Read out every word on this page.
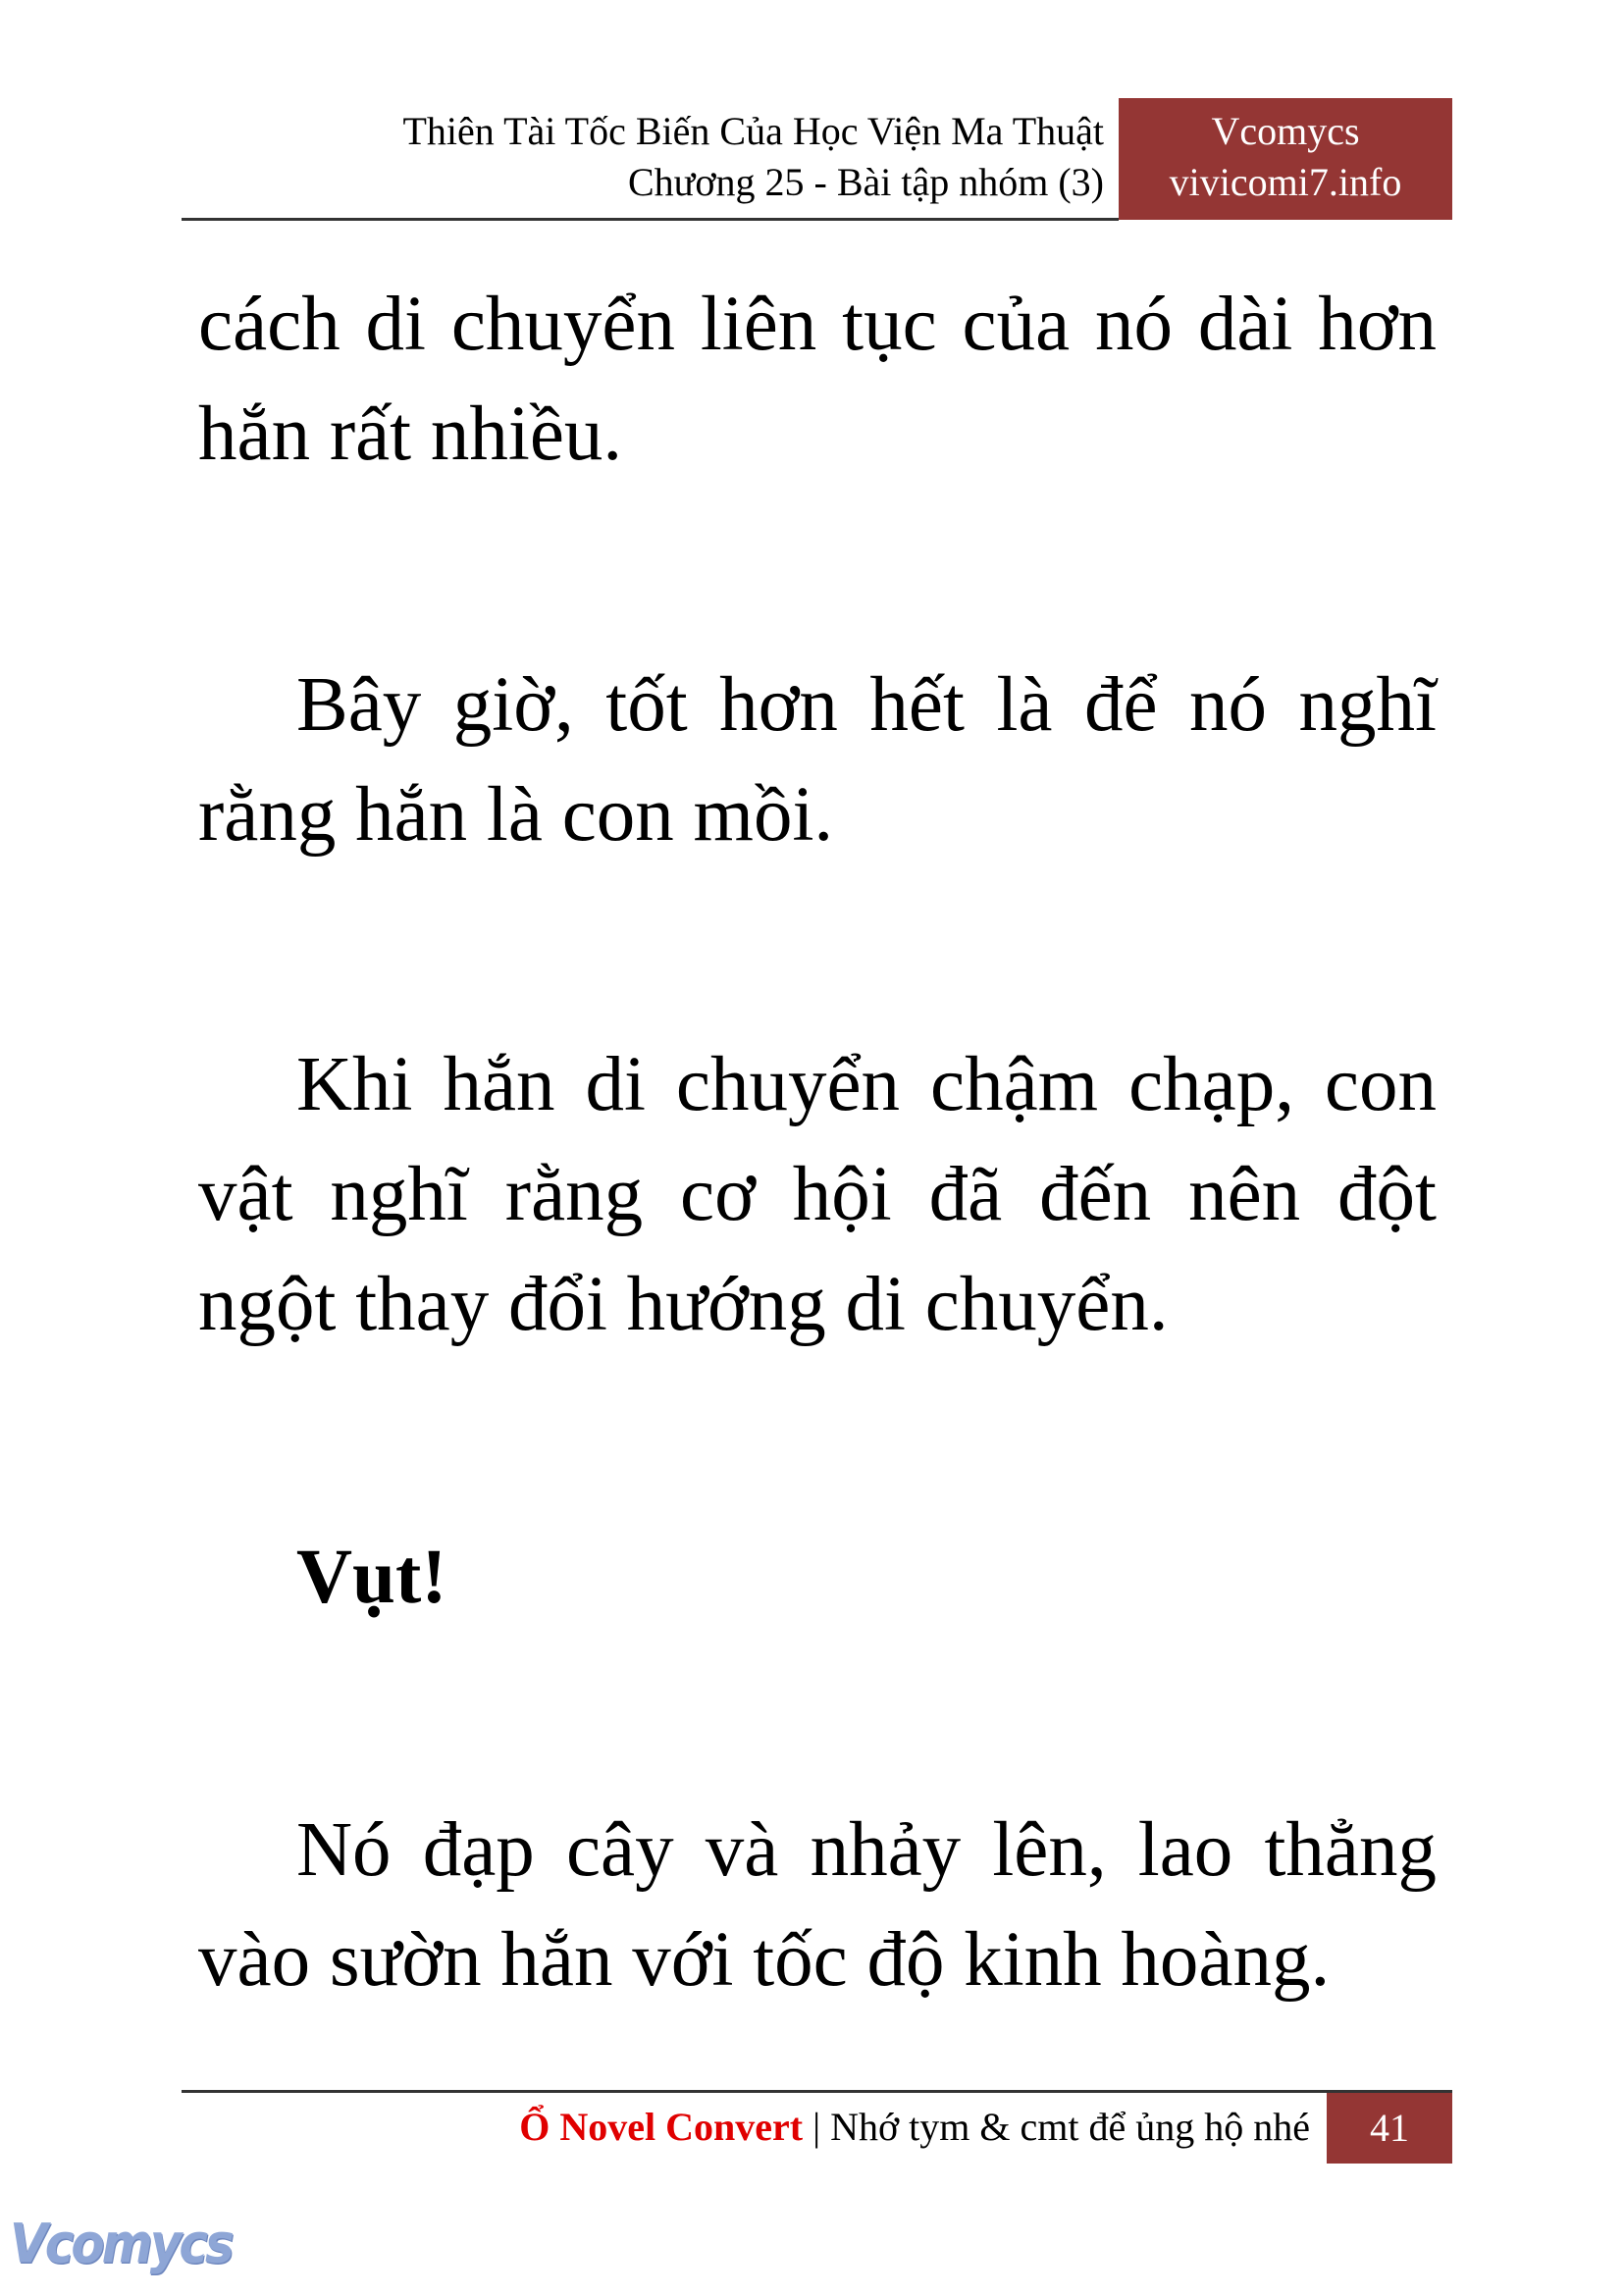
Thiên Tài Tốc Biến Của Học Viện Ma Thuật
Chương 25 - Bài tập nhóm (3)
Vcomycs
vivicomi7.info

cách di chuyển liên tục của nó dài hơn hắn rất nhiều.

Bây giờ, tốt hơn hết là để nó nghĩ rằng hắn là con mồi.

Khi hắn di chuyển chậm chạp, con vật nghĩ rằng cơ hội đã đến nên đột ngột thay đổi hướng di chuyển.

Vụt!

Nó đạp cây và nhảy lên, lao thẳng vào sườn hắn với tốc độ kinh hoàng.

Ổ Novel Convert | Nhớ tym & cmt để ủng hộ nhé	41
Vcomycs
